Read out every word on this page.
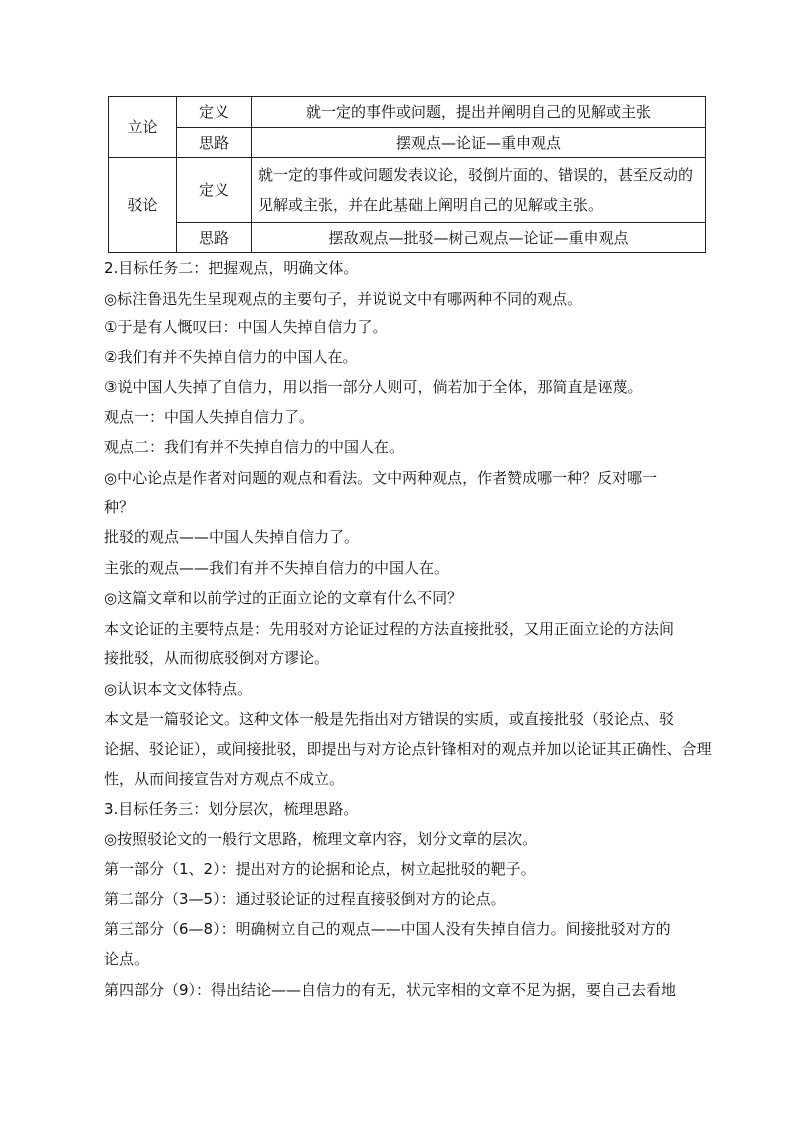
立论	定义	就一定的事件或问题，提出并阐明自己的见解或主张
	思路	摆观点—论证—重申观点
驳论	定义	就一定的事件或问题发表议论，驳倒片面的、错误的，甚至反动的见解或主张，并在此基础上阐明自己的见解或主张。
	思路	摆敌观点—批驳—树己观点—论证—重申观点
2.目标任务二：把握观点，明确文体。
◎标注鲁迅先生呈现观点的主要句子，并说说文中有哪两种不同的观点。
①于是有人慨叹曰：中国人失掉自信力了。
②我们有并不失掉自信力的中国人在。
③说中国人失掉了自信力，用以指一部分人则可，倘若加于全体，那简直是诬蔑。
观点一：中国人失掉自信力了。
观点二：我们有并不失掉自信力的中国人在。
◎中心论点是作者对问题的观点和看法。文中两种观点，作者赞成哪一种？反对哪一
种？
批驳的观点——中国人失掉自信力了。
主张的观点——我们有并不失掉自信力的中国人在。
◎这篇文章和以前学过的正面立论的文章有什么不同？
本文论证的主要特点是：先用驳对方论证过程的方法直接批驳，又用正面立论的方法间
接批驳，从而彻底驳倒对方谬论。
◎认识本文文体特点。
本文是一篇驳论文。这种文体一般是先指出对方错误的实质，或直接批驳（驳论点、驳
论据、驳论证），或间接批驳，即提出与对方论点针锋相对的观点并加以论证其正确性、合理
性，从而间接宣告对方观点不成立。
3.目标任务三：划分层次，梳理思路。
◎按照驳论文的一般行文思路，梳理文章内容，划分文章的层次。
第一部分（1、2）：提出对方的论据和论点，树立起批驳的靶子。
第二部分（3—5）：通过驳论证的过程直接驳倒对方的论点。
第三部分（6—8）：明确树立自己的观点——中国人没有失掉自信力。间接批驳对方的
论点。
第四部分（9）：得出结论——自信力的有无，状元宰相的文章不足为据，要自己去看地
